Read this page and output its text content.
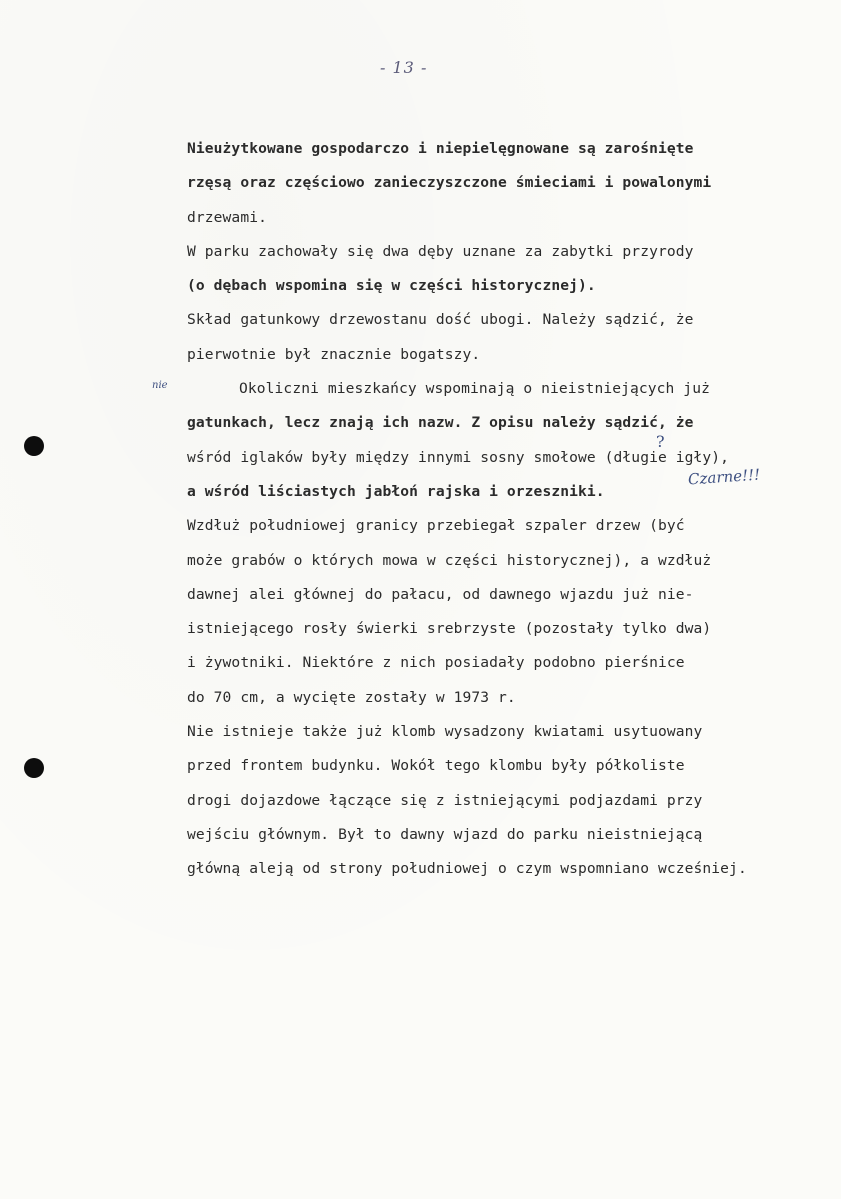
- 13 -
Nieużytkowane gospodarczo i niepielęgnowane są zarośnięte
rzęsą oraz częściowo zanieczyszczone śmieciami i powalonymi
drzewami.
W parku zachowały się dwa dęby uznane za zabytki przyrody
(o dębach wspomina się w części historycznej).
Skład gatunkowy drzewostanu dość ubogi. Należy sądzić, że
pierwotnie był znacznie bogatszy.
Okoliczni mieszkańcy wspominają o nieistniejących już
gatunkach, lecz znają ich nazw. Z opisu należy sądzić, że
wśród iglaków były między innymi sosny smołowe (długie igły),
a wśród liściastych jabłoń rajska i orzeszniki.
Wzdłuż południowej granicy przebiegał szpaler drzew (być
może grabów o których mowa w części historycznej), a wzdłuż
dawnej alei głównej do pałacu, od dawnego wjazdu już nie-
istniejącego rosły świerki srebrzyste (pozostały tylko dwa)
i żywotniki. Niektóre z nich posiadały podobno pierśnice
do 70 cm, a wycięte zostały w 1973 r.
Nie istnieje także już klomb wysadzony kwiatami usytuowany
przed frontem budynku. Wokół tego klombu były półkoliste
drogi dojazdowe łączące się z istniejącymi podjazdami przy
wejściu głównym. Był to dawny wjazd do parku nieistniejącą
główną aleją od strony południowej o czym wspomniano wcześniej.
nie
?
Czarne!!!
